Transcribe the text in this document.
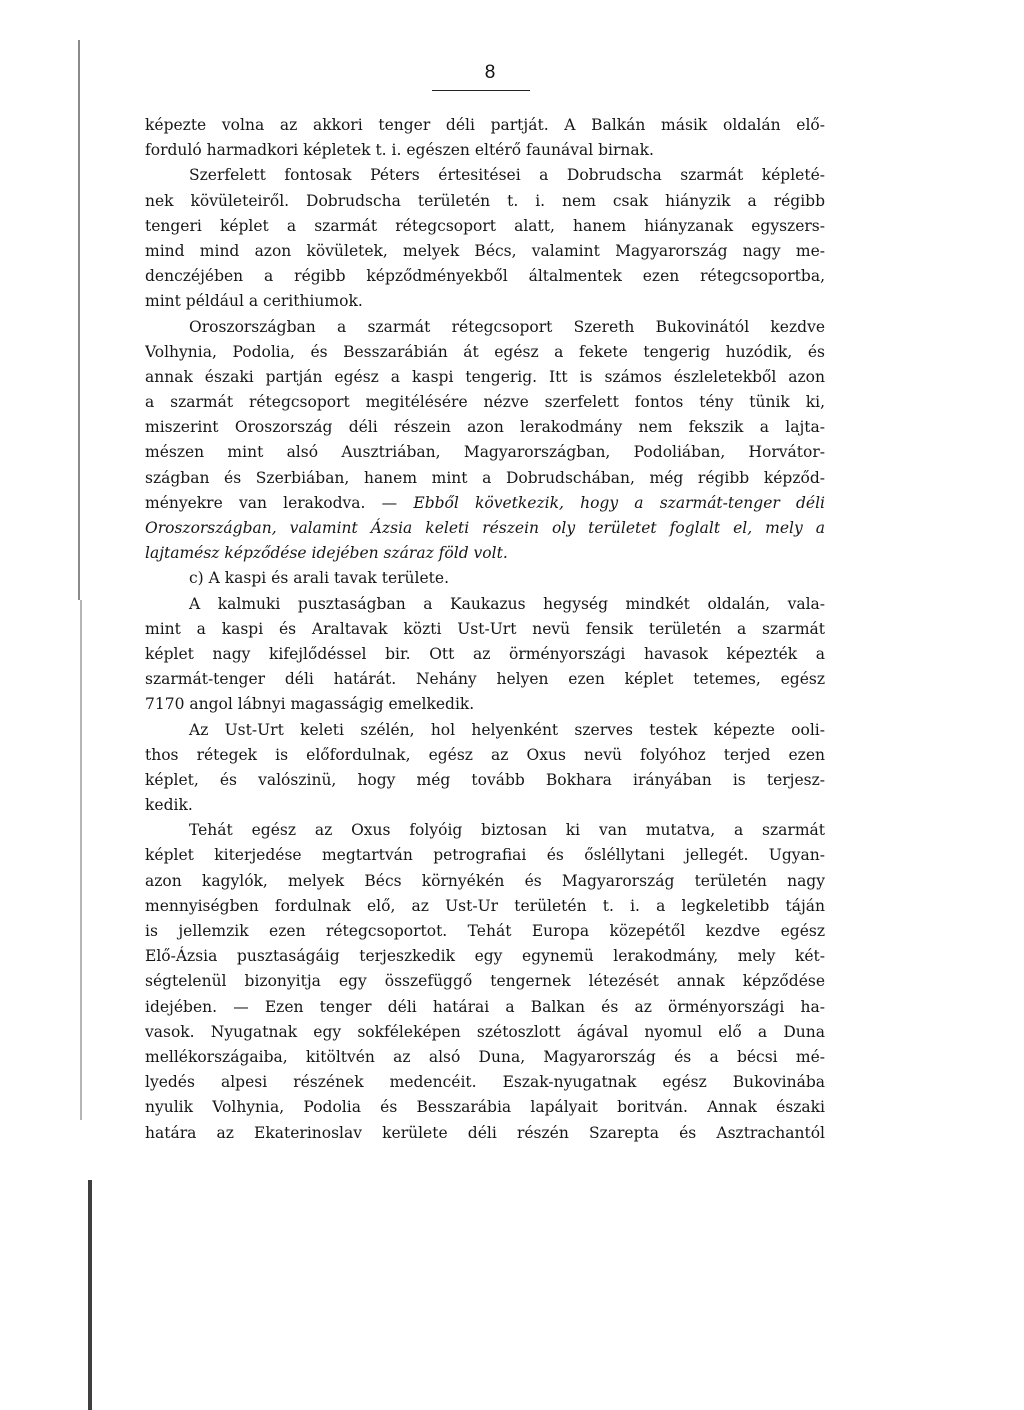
8
képezte volna az akkori tenger déli partját. A Balkán másik oldalán elő-
forduló harmadkori képletek t. i. egészen eltérő faunával birnak.
Szerfelett fontosak Péters értesitései a Dobrudscha szarmát képleté-
nek kövületeiről. Dobrudscha területén t. i. nem csak hiányzik a régibb
tengeri képlet a szarmát rétegcsoport alatt, hanem hiányzanak egyszers-
mind mind azon kövületek, melyek Bécs, valamint Magyarország nagy me-
denczéjében a régibb képződményekből általmentek ezen rétegcsoportba,
mint például a cerithiumok.
Oroszországban a szarmát rétegcsoport Szereth Bukovinától kezdve
Volhynia, Podolia, és Besszarábián át egész a fekete tengerig huzódik, és
annak északi partján egész a kaspi tengerig. Itt is számos észleletekből azon
a szarmát rétegcsoport megitélésére nézve szerfelett fontos tény tünik ki,
miszerint Oroszország déli részein azon lerakodmány nem fekszik a lajta-
mészen mint alsó Ausztriában, Magyarországban, Podoliában, Horvátor-
szágban és Szerbiában, hanem mint a Dobrudschában, még régibb képződ-
ményekre van lerakodva. — Ebből következik, hogy a szarmát-tenger déli
Oroszországban, valamint Ázsia keleti részein oly területet foglalt el, mely a
lajtamész képződése idejében száraz föld volt.
c) A kaspi és arali tavak területe.
A kalmuki pusztaságban a Kaukazus hegység mindkét oldalán, vala-
mint a kaspi és Araltavak közti Ust-Urt nevü fensik területén a szarmát
képlet nagy kifejlődéssel bir. Ott az örményországi havasok képezték a
szarmát-tenger déli határát. Nehány helyen ezen képlet tetemes, egész
7170 angol lábnyi magasságig emelkedik.
Az Ust-Urt keleti szélén, hol helyenként szerves testek képezte ooli-
thos rétegek is előfordulnak, egész az Oxus nevü folyóhoz terjed ezen
képlet, és valószinü, hogy még tovább Bokhara irányában is terjesz-
kedik.
Tehát egész az Oxus folyóig biztosan ki van mutatva, a szarmát
képlet kiterjedése megtartván petrografiai és ősléllytani jellegét. Ugyan-
azon kagylók, melyek Bécs környékén és Magyarország területén nagy
mennyiségben fordulnak elő, az Ust-Ur területén t. i. a legkeletibb táján
is jellemzik ezen rétegcsoportot. Tehát Europa közepétől kezdve egész
Elő-Ázsia pusztaságáig terjeszkedik egy egynemü lerakodmány, mely két-
ségtelenül bizonyitja egy összefüggő tengernek létezését annak képződése
idejében. — Ezen tenger déli határai a Balkan és az örményországi ha-
vasok. Nyugatnak egy sokféleképen szétoszlott ágával nyomul elő a Duna
mellékországaiba, kitöltvén az alsó Duna, Magyarország és a bécsi mé-
lyedés alpesi részének medencéit. Eszak-nyugatnak egész Bukovinába
nyulik Volhynia, Podolia és Besszarábia lapályait boritván. Annak északi
határa az Ekaterinoslav kerülete déli részén Szarepta és Asztrachantól
